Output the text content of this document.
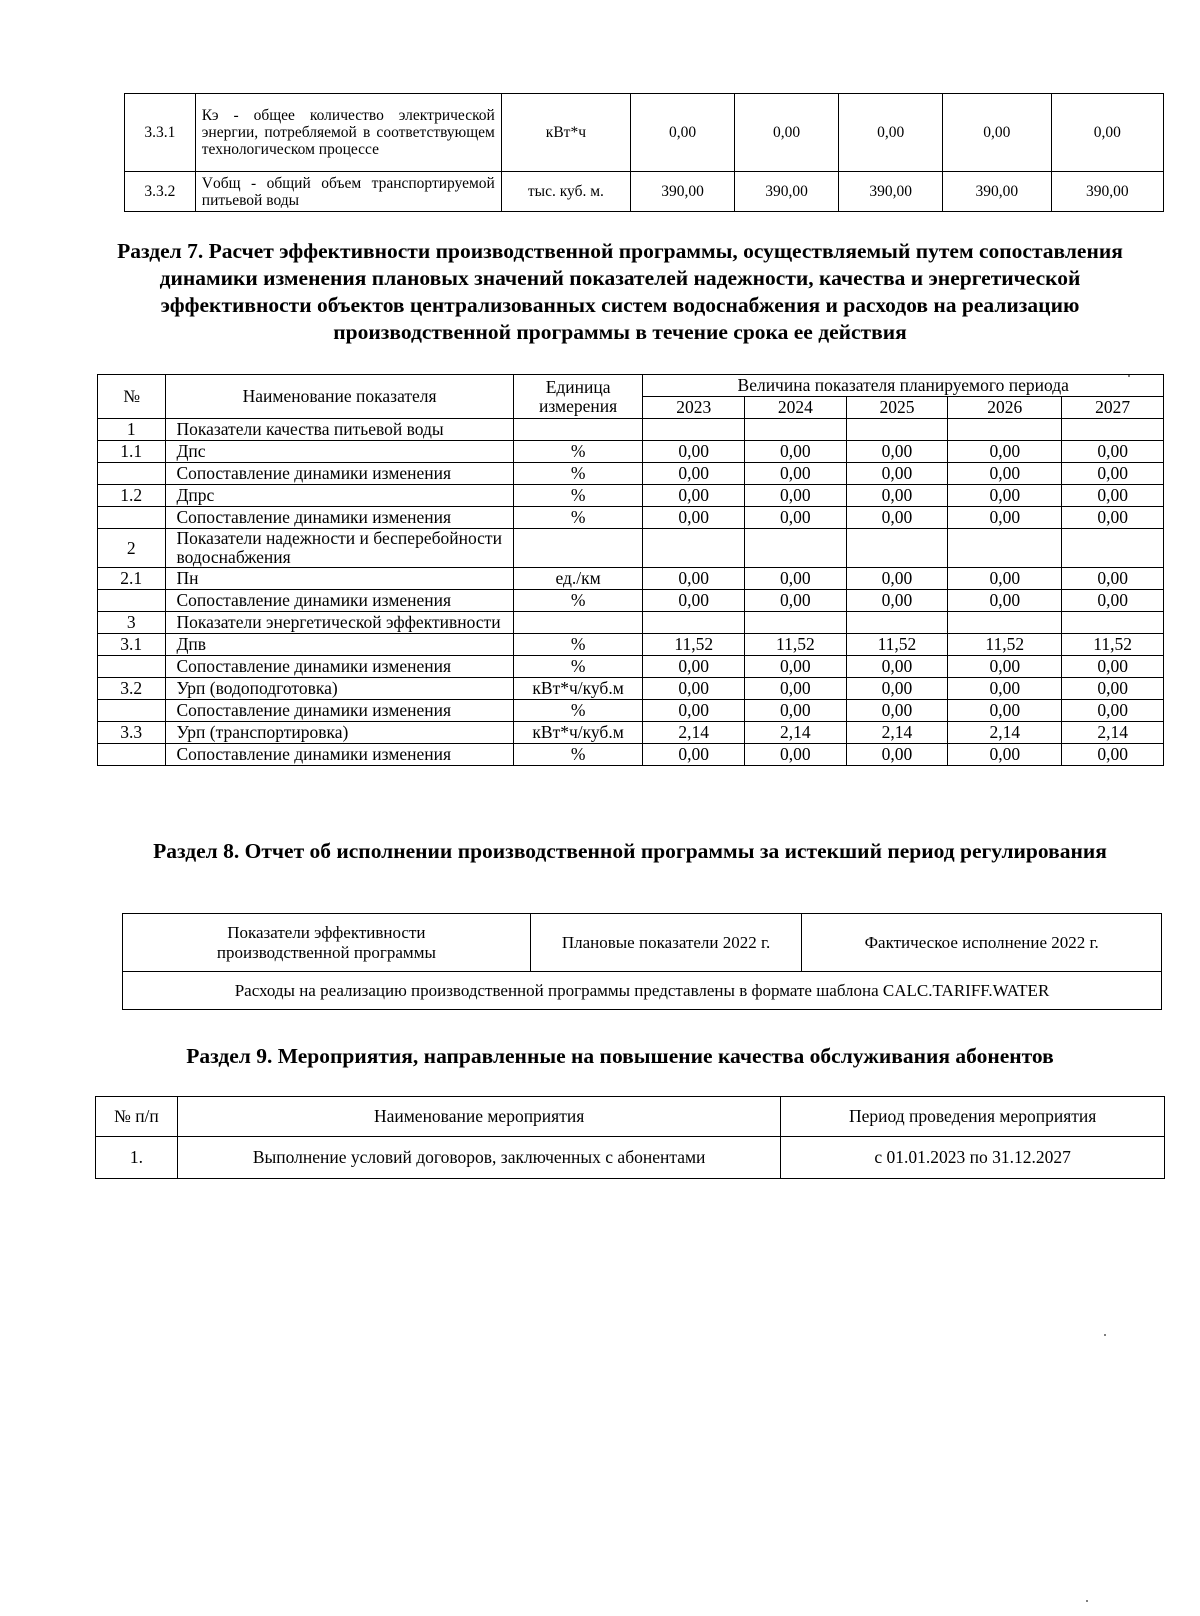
3.3.1	Кэ - общее количество электрической энергии, потребляемой в соответствующем технологическом процессе	кВт*ч	0,00	0,00	0,00	0,00	0,00
3.3.2	Vобщ - общий объем транспортируемой питьевой воды	тыс. куб. м.	390,00	390,00	390,00	390,00	390,00
Раздел 7. Расчет эффективности производственной программы, осуществляемый путем сопоставления динамики изменения плановых значений показателей надежности, качества и энергетической эффективности объектов централизованных систем водоснабжения и расходов на реализацию производственной программы в течение срока ее действия
№	Наименование показателя	Единица измерения	Величина показателя планируемого периода				
			2023	2024	2025	2026	2027
1	Показатели качества питьевой воды						
1.1	Дпс	%	0,00	0,00	0,00	0,00	0,00
	Сопоставление динамики изменения	%	0,00	0,00	0,00	0,00	0,00
1.2	Дпрс	%	0,00	0,00	0,00	0,00	0,00
	Сопоставление динамики изменения	%	0,00	0,00	0,00	0,00	0,00
2	Показатели надежности и бесперебойности водоснабжения						
2.1	Пн	ед./км	0,00	0,00	0,00	0,00	0,00
	Сопоставление динамики изменения	%	0,00	0,00	0,00	0,00	0,00
3	Показатели энергетической эффективности						
3.1	Дпв	%	11,52	11,52	11,52	11,52	11,52
	Сопоставление динамики изменения	%	0,00	0,00	0,00	0,00	0,00
3.2	Урп (водоподготовка)	кВт*ч/куб.м	0,00	0,00	0,00	0,00	0,00
	Сопоставление динамики изменения	%	0,00	0,00	0,00	0,00	0,00
3.3	Урп (транспортировка)	кВт*ч/куб.м	2,14	2,14	2,14	2,14	2,14
	Сопоставление динамики изменения	%	0,00	0,00	0,00	0,00	0,00
Раздел 8. Отчет об исполнении производственной программы за истекший период регулирования
Показатели эффективности производственной программы	Плановые показатели 2022 г.	Фактическое исполнение 2022 г.
Расходы на реализацию производственной программы представлены в формате шаблона CALC.TARIFF.WATER
Раздел 9. Мероприятия, направленные на повышение качества обслуживания абонентов
№ п/п	Наименование мероприятия	Период проведения мероприятия
1.	Выполнение условий договоров, заключенных с абонентами	с 01.01.2023 по 31.12.2027
